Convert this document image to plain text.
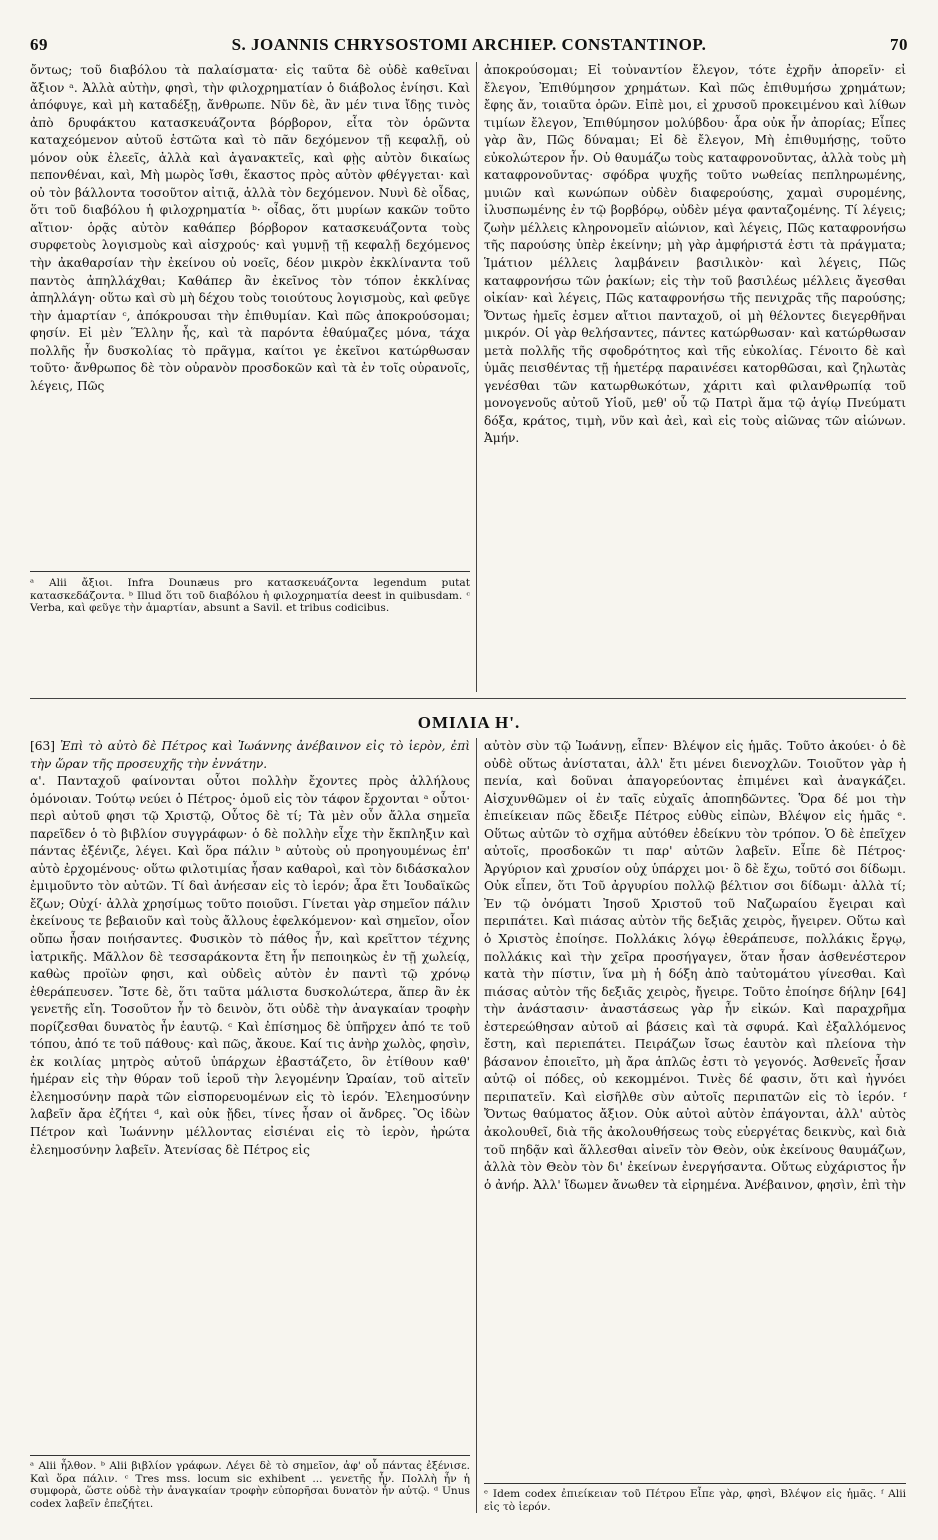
69	S. JOANNIS CHRYSOSTOMI ARCHIEP. CONSTANTINOP.	70

ὄντως; τοῦ διαβόλου τὰ παλαίσματα· εἰς ταῦτα δὲ οὐδὲ καθεῖναι ἄξιον ᵃ. Ἀλλὰ αὐτὴν, φησὶ, τὴν φιλοχρηματίαν ὁ διάβολος ἐνίησι. Καὶ ἀπόφυγε, καὶ μὴ καταδέξῃ, ἄνθρωπε. Νῦν δὲ, ἂν μέν τινα ἴδῃς τινὸς ἀπὸ δρυφάκτου κατασκευάζοντα βόρβορον, εἶτα τὸν ὁρῶντα καταχεόμενον αὐτοῦ ἑστῶτα καὶ τὸ πᾶν δεχόμενον τῇ κεφαλῇ, οὐ μόνον οὐκ ἐλεεῖς, ἀλλὰ καὶ ἀγανακτεῖς, καὶ φῂς αὐτὸν δικαίως πεπονθέναι, καὶ, Μὴ μωρὸς ἴσθι, ἕκαστος πρὸς αὐτὸν φθέγγεται· καὶ οὐ τὸν βάλλοντα τοσοῦτον αἰτιᾷ, ἀλλὰ τὸν δεχόμενον. Νυνὶ δὲ οἶδας, ὅτι τοῦ διαβόλου ἡ φιλοχρηματία ᵇ· οἶδας, ὅτι μυρίων κακῶν τοῦτο αἴτιον· ὁρᾷς αὐτὸν καθάπερ βόρβορον κατασκευάζοντα τοὺς συρφετοὺς λογισμοὺς καὶ αἰσχρούς· καὶ γυμνῇ τῇ κεφαλῇ δεχόμενος τὴν ἀκαθαρσίαν τὴν ἐκείνου οὐ νοεῖς, δέον μικρὸν ἐκκλίναντα τοῦ παντὸς ἀπηλλάχθαι; Καθάπερ ἂν ἐκεῖνος τὸν τόπον ἐκκλίνας ἀπηλλάγη· οὕτω καὶ σὺ μὴ δέχου τοὺς τοιούτους λογισμοὺς, καὶ φεῦγε τὴν ἁμαρτίαν ᶜ, ἀπόκρουσαι τὴν ἐπιθυμίαν. Καὶ πῶς ἀποκρούσομαι; φησίν. Εἰ μὲν Ἕλλην ἦς, καὶ τὰ παρόντα ἐθαύμαζες μόνα, τάχα πολλῆς ἦν δυσκολίας τὸ πρᾶγμα, καίτοι γε ἐκεῖνοι κατώρθωσαν τοῦτο· ἄνθρωπος δὲ τὸν οὐρανὸν προσδοκῶν καὶ τὰ ἐν τοῖς οὐρανοῖς, λέγεις, Πῶς

ᵃ Alii ἄξιοι. Infra Dounæus pro κατασκευάζοντα legendum putat κατασκεδάζοντα. ᵇ Illud ὅτι τοῦ διαβόλου ἡ φιλοχρηματία deest in quibusdam. ᶜ Verba, καὶ φεῦγε τὴν ἁμαρτίαν, absunt a Savil. et tribus codicibus.

ἀποκρούσομαι; Εἰ τοὐναντίον ἔλεγον, τότε ἐχρῆν ἀπορεῖν· εἰ ἔλεγον, Ἐπιθύμησον χρημάτων. Καὶ πῶς ἐπιθυμήσω χρημάτων; ἔφης ἄν, τοιαῦτα ὁρῶν. Εἰπὲ μοι, εἰ χρυσοῦ προκειμένου καὶ λίθων τιμίων ἔλεγον, Ἐπιθύμησον μολύβδου· ἆρα οὐκ ἦν ἀπορίας; Εἶπες γὰρ ἂν, Πῶς δύναμαι; Εἰ δὲ ἔλεγον, Μὴ ἐπιθυμήσῃς, τοῦτο εὐκολώτερον ἦν. Οὐ θαυμάζω τοὺς καταφρονοῦντας, ἀλλὰ τοὺς μὴ καταφρονοῦντας· σφόδρα ψυχῆς τοῦτο νωθείας πεπληρωμένης, μυιῶν καὶ κωνώπων οὐδὲν διαφερούσης, χαμαὶ συρομένης, ἰλυσπωμένης ἐν τῷ βορβόρῳ, οὐδὲν μέγα φανταζομένης. Τί λέγεις; ζωὴν μέλλεις κληρονομεῖν αἰώνιον, καὶ λέγεις, Πῶς καταφρονήσω τῆς παρούσης ὑπὲρ ἐκείνην; μὴ γὰρ ἀμφήριστά ἐστι τὰ πράγματα; Ἱμάτιον μέλλεις λαμβάνειν βασιλικὸν· καὶ λέγεις, Πῶς καταφρονήσω τῶν ῥακίων; εἰς τὴν τοῦ βασιλέως μέλλεις ἄγεσθαι οἰκίαν· καὶ λέγεις, Πῶς καταφρονήσω τῆς πενιχρᾶς τῆς παρούσης; Ὄντως ἡμεῖς ἐσμεν αἴτιοι πανταχοῦ, οἱ μὴ θέλοντες διεγερθῆναι μικρόν. Οἱ γὰρ θελήσαντες, πάντες κατώρθωσαν· καὶ κατώρθωσαν μετὰ πολλῆς τῆς σφοδρότητος καὶ τῆς εὐκολίας. Γένοιτο δὲ καὶ ὑμᾶς πεισθέντας τῇ ἡμετέρᾳ παραινέσει κατορθῶσαι, καὶ ζηλωτὰς γενέσθαι τῶν κατωρθωκότων, χάριτι καὶ φιλανθρωπίᾳ τοῦ μονογενοῦς αὐτοῦ Υἱοῦ, μεθ' οὗ τῷ Πατρὶ ἅμα τῷ ἁγίῳ Πνεύματι δόξα, κράτος, τιμὴ, νῦν καὶ ἀεὶ, καὶ εἰς τοὺς αἰῶνας τῶν αἰώνων. Ἀμήν.

ΟΜΙΛΙΑ Η'.

[63] Ἐπὶ τὸ αὐτὸ δὲ Πέτρος καὶ Ἰωάννης ἀνέβαινον εἰς τὸ ἱερὸν, ἐπὶ τὴν ὥραν τῆς προσευχῆς τὴν ἐννάτην.

α'. Πανταχοῦ φαίνονται οὗτοι πολλὴν ἔχοντες πρὸς ἀλλήλους ὁμόνοιαν. Τούτῳ νεύει ὁ Πέτρος· ὁμοῦ εἰς τὸν τάφον ἔρχονται ᵃ οὗτοι· περὶ αὐτοῦ φησι τῷ Χριστῷ, Οὗτος δὲ τί; Τὰ μὲν οὖν ἄλλα σημεῖα παρεῖδεν ὁ τὸ βιβλίον συγγράφων· ὁ δὲ πολλὴν εἶχε τὴν ἔκπληξιν καὶ πάντας ἐξένιζε, λέγει. Καὶ ὅρα πάλιν ᵇ αὐτοὺς οὐ προηγουμένως ἐπ' αὐτὸ ἐρχομένους· οὕτω φιλοτιμίας ἦσαν καθαροὶ, καὶ τὸν διδάσκαλον ἐμιμοῦντο τὸν αὐτῶν. Τί δαὶ ἀνήεσαν εἰς τὸ ἱερόν; ἆρα ἔτι Ἰουδαϊκῶς ἔζων; Οὐχί· ἀλλὰ χρησίμως τοῦτο ποιοῦσι. Γίνεται γὰρ σημεῖον πάλιν ἐκείνους τε βεβαιοῦν καὶ τοὺς ἄλλους ἐφελκόμενον· καὶ σημεῖον, οἷον οὔπω ἦσαν ποιήσαντες. Φυσικὸν τὸ πάθος ἦν, καὶ κρεῖττον τέχνης ἰατρικῆς. Μᾶλλον δὲ τεσσαράκοντα ἔτη ἦν πεποιηκὼς ἐν τῇ χωλείᾳ, καθὼς προϊὼν φησι, καὶ οὐδεὶς αὐτὸν ἐν παντὶ τῷ χρόνῳ ἐθεράπευσεν. Ἴστε δὲ, ὅτι ταῦτα μάλιστα δυσκολώτερα, ἅπερ ἂν ἐκ γενετῆς εἴη. Τοσοῦτον ἦν τὸ δεινὸν, ὅτι οὐδὲ τὴν ἀναγκαίαν τροφὴν πορίζεσθαι δυνατὸς ἦν ἑαυτῷ. ᶜ Καὶ ἐπίσημος δὲ ὑπῆρχεν ἀπό τε τοῦ τόπου, ἀπό τε τοῦ πάθους· καὶ πῶς, ἄκουε. Καί τις ἀνὴρ χωλὸς, φησὶν, ἐκ κοιλίας μητρὸς αὐτοῦ ὑπάρχων ἐβαστάζετο, ὃν ἐτίθουν καθ' ἡμέραν εἰς τὴν θύραν τοῦ ἱεροῦ τὴν λεγομένην Ὡραίαν, τοῦ αἰτεῖν ἐλεημοσύνην παρὰ τῶν εἰσπορευομένων εἰς τὸ ἱερόν. Ἐλεημοσύνην λαβεῖν ἄρα ἐζήτει ᵈ, καὶ οὐκ ᾔδει, τίνες ἦσαν οἱ ἄνδρες. Ὃς ἰδὼν Πέτρον καὶ Ἰωάννην μέλλοντας εἰσιέναι εἰς τὸ ἱερὸν, ἠρώτα ἐλεημοσύνην λαβεῖν. Ἀτενίσας δὲ Πέτρος εἰς

ᵃ Alii ἦλθον. ᵇ Alii βιβλίον γράφων. Λέγει δὲ τὸ σημεῖον, ἀφ' οὗ πάντας ἐξένισε. Καὶ ὅρα πάλιν. ᶜ Tres mss. locum sic exhibent ... γενετῆς ἦν. Πολλὴ ἦν ἡ συμφορὰ, ὥστε οὐδὲ τὴν ἀναγκαίαν τροφὴν εὐπορῆσαι δυνατὸν ἦν αὐτῷ. ᵈ Unus codex λαβεῖν ἐπεζήτει.

αὐτὸν σὺν τῷ Ἰωάννῃ, εἶπεν· Βλέψον εἰς ἡμᾶς. Τοῦτο ἀκούει· ὁ δὲ οὐδὲ οὕτως ἀνίσταται, ἀλλ' ἔτι μένει διενοχλῶν. Τοιοῦτον γὰρ ἡ πενία, καὶ δοῦναι ἀπαγορεύοντας ἐπιμένει καὶ ἀναγκάζει. Αἰσχυνθῶμεν οἱ ἐν ταῖς εὐχαῖς ἀποπηδῶντες. Ὅρα δέ μοι τὴν ἐπιείκειαν πῶς ἔδειξε Πέτρος εὐθὺς εἰπὼν, Βλέψον εἰς ἡμᾶς ᵉ. Οὕτως αὐτῶν τὸ σχῆμα αὐτόθεν ἐδείκνυ τὸν τρόπον. Ὁ δὲ ἐπεῖχεν αὐτοῖς, προσδοκῶν τι παρ' αὐτῶν λαβεῖν. Εἶπε δὲ Πέτρος· Ἀργύριον καὶ χρυσίον οὐχ ὑπάρχει μοι· ὃ δὲ ἔχω, τοῦτό σοι δίδωμι. Οὐκ εἶπεν, ὅτι Τοῦ ἀργυρίου πολλῷ βέλτιον σοι δίδωμι· ἀλλὰ τί; Ἐν τῷ ὀνόματι Ἰησοῦ Χριστοῦ τοῦ Ναζωραίου ἔγειραι καὶ περιπάτει. Καὶ πιάσας αὐτὸν τῆς δεξιᾶς χειρὸς, ἤγειρεν. Οὕτω καὶ ὁ Χριστὸς ἐποίησε. Πολλάκις λόγῳ ἐθεράπευσε, πολλάκις ἔργῳ, πολλάκις καὶ τὴν χεῖρα προσήγαγεν, ὅταν ἦσαν ἀσθενέστερον κατὰ τὴν πίστιν, ἵνα μὴ ἡ δόξη ἀπὸ ταὐτομάτου γίνεσθαι. Καὶ πιάσας αὐτὸν τῆς δεξιᾶς χειρὸς, ἤγειρε. Τοῦτο ἐποίησε δήλην [64] τὴν ἀνάστασιν· ἀναστάσεως γὰρ ἦν εἰκών. Καὶ παραχρῆμα ἐστερεώθησαν αὐτοῦ αἱ βάσεις καὶ τὰ σφυρά. Καὶ ἐξαλλόμενος ἔστη, καὶ περιεπάτει. Πειράζων ἴσως ἑαυτὸν καὶ πλείονα τὴν βάσανον ἐποιεῖτο, μὴ ἄρα ἁπλῶς ἐστι τὸ γεγονός. Ἀσθενεῖς ἦσαν αὐτῷ οἱ πόδες, οὐ κεκομμένοι. Τινὲς δέ φασιν, ὅτι καὶ ἠγνόει περιπατεῖν. Καὶ εἰσῆλθε σὺν αὐτοῖς περιπατῶν εἰς τὸ ἱερόν. ᶠ Ὄντως θαύματος ἄξιον. Οὐκ αὐτοὶ αὐτὸν ἐπάγονται, ἀλλ' αὐτὸς ἀκολουθεῖ, διὰ τῆς ἀκολουθήσεως τοὺς εὐεργέτας δεικνὺς, καὶ διὰ τοῦ πηδᾷν καὶ ἅλλεσθαι αἰνεῖν τὸν Θεὸν, οὐκ ἐκείνους θαυμάζων, ἀλλὰ τὸν Θεὸν τὸν δι' ἐκείνων ἐνεργήσαντα. Οὕτως εὐχάριστος ἦν ὁ ἀνήρ. Ἀλλ' ἴδωμεν ἄνωθεν τὰ εἰρημένα. Ἀνέβαινον, φησὶν, ἐπὶ τὴν

ᵉ Idem codex ἐπιείκειαν τοῦ Πέτρου Εἶπε γὰρ, φησὶ, Βλέψον εἰς ἡμᾶς. ᶠ Alii εἰς τὸ ἱερόν.
